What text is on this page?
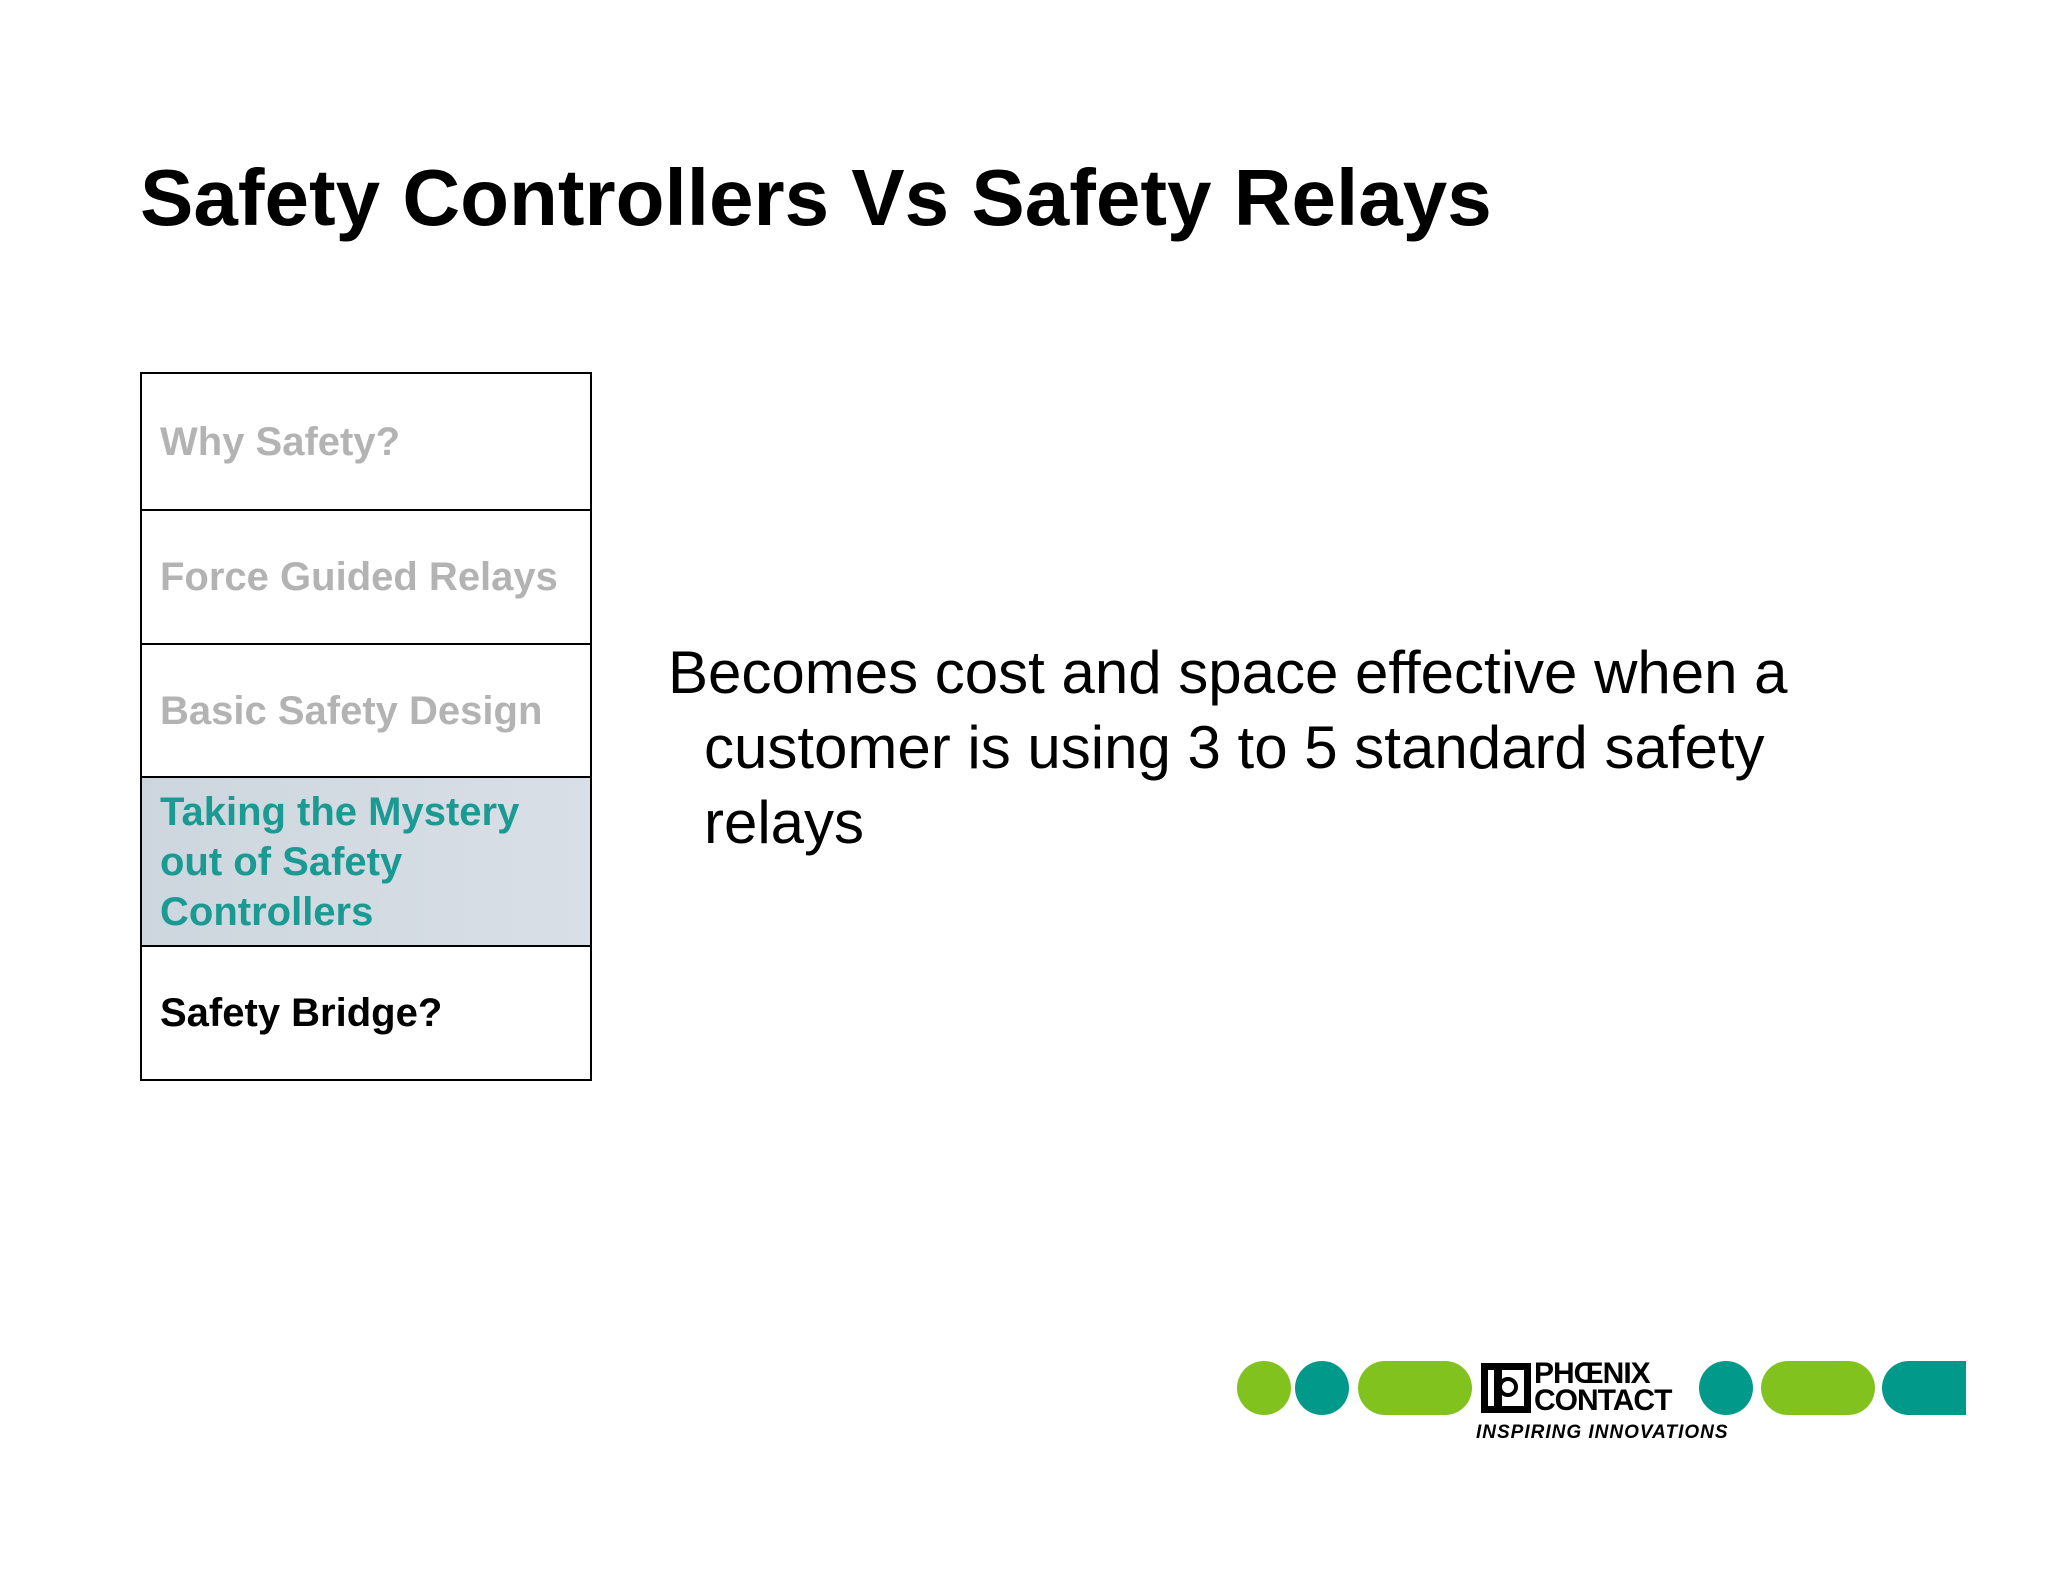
Safety Controllers Vs Safety Relays
Why Safety?
Force Guided Relays
Basic Safety Design
Taking the Mystery out of Safety Controllers
Safety Bridge?

Becomes cost and space effective when a customer is using 3 to 5 standard safety relays

PHŒNIX
CONTACT
INSPIRING INNOVATIONS
